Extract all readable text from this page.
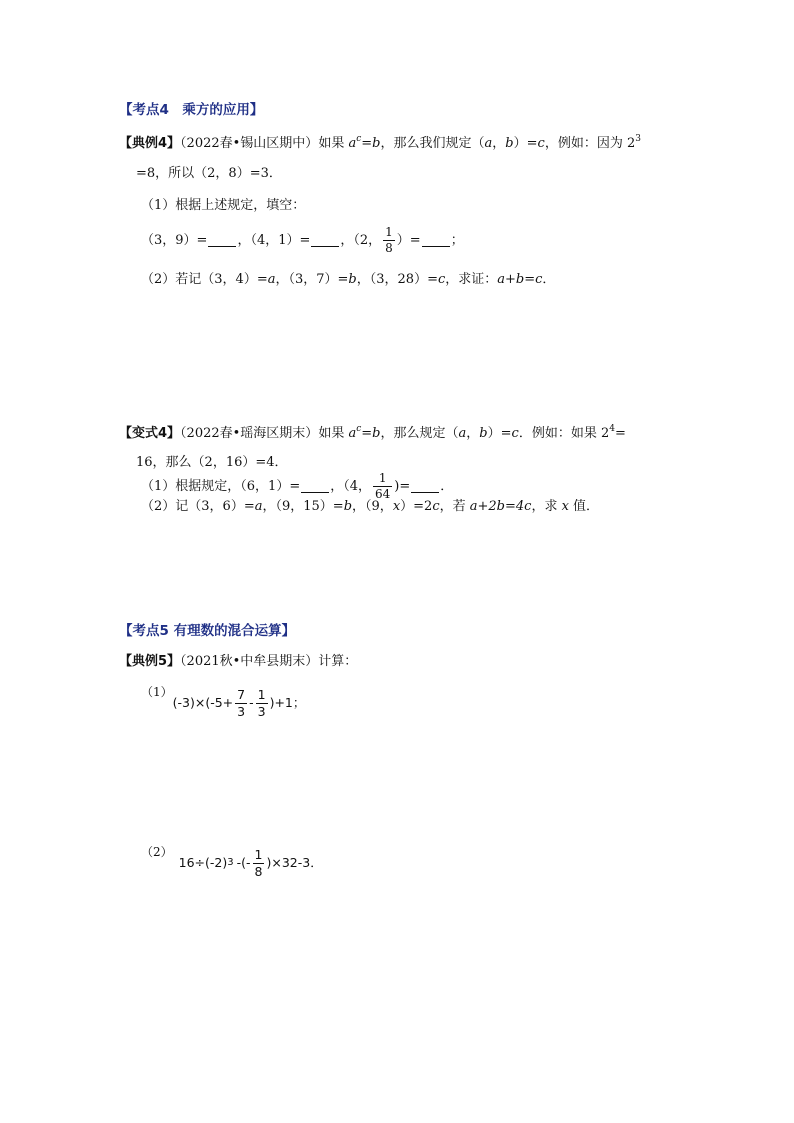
【考点4　乘方的应用】
【典例4】（2022春•锡山区期中）如果 $a^c=b$，那么我们规定（a，b）=c，例如：因为 $2^3$
=8，所以（2，8）=3．
（1）根据上述规定，填空：
（3，9）= ，（4，1）= ，（2， $\frac{1}{8}$ ）= ；
（2）若记（3，4）=a，（3，7）=b，（3，28）=c，求证：a+b=c．
【变式4】（2022春•瑶海区期末）如果 $a^c=b$，那么规定（a，b）=c．例如：如果 $2^4=$
16，那么（2，16）=4．
（1）根据规定，（6，1）= ，（4， $\frac{1}{64}$ )= ．
（2）记（3，6）=a，（9，15）=b，（9，x）=2c，若 a+2b=4c，求 x 值．
【考点5 有理数的混合运算】
【典例5】（2021秋•中牟县期末）计算：
（1）
$(-3)\times(-5+ \frac{7}{3} - \frac{1}{3} )+1$；
（2）
16÷(-2) 3 -(- $\frac{1}{8} )\times 32-3$．
